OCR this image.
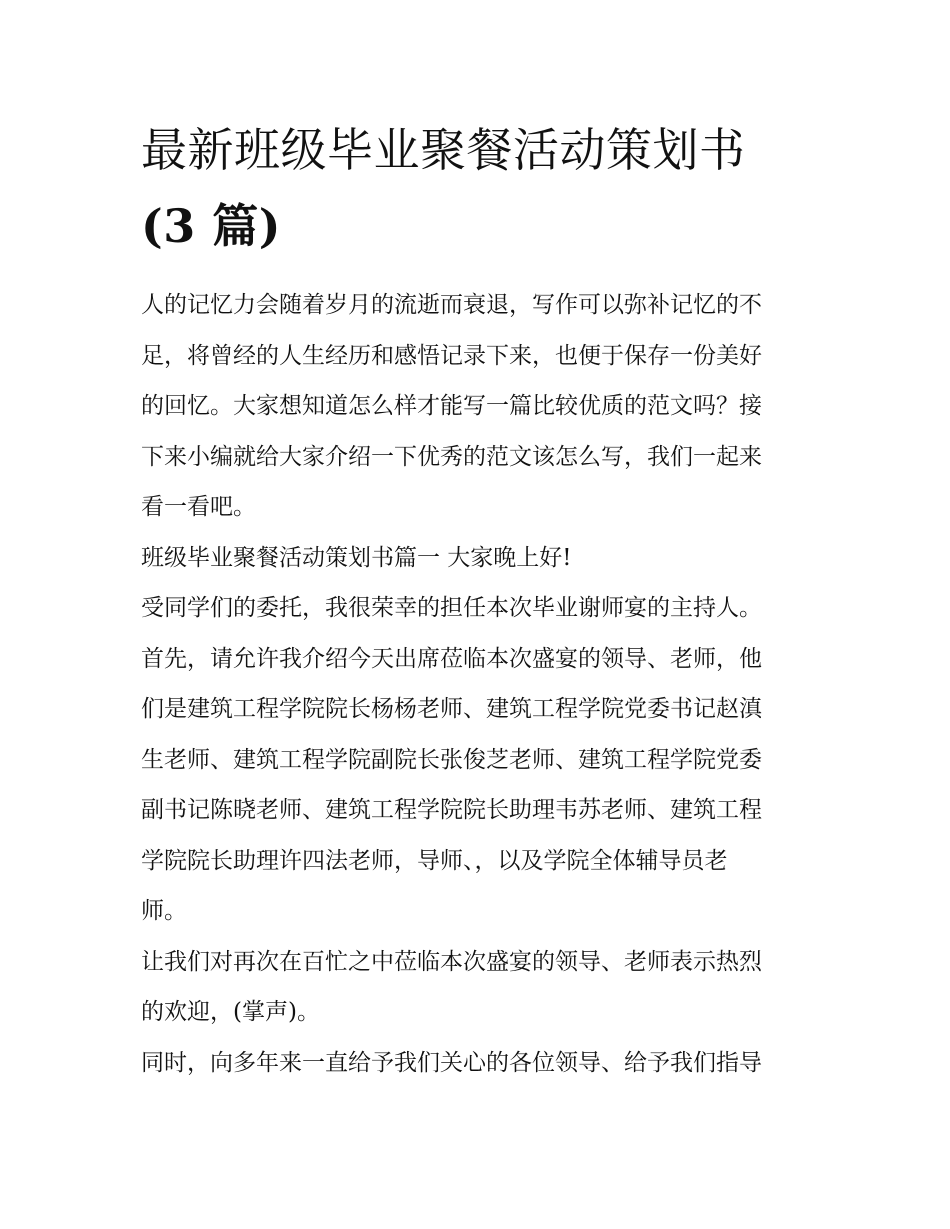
最新班级毕业聚餐活动策划书
(3 篇)

人的记忆力会随着岁月的流逝而衰退，写作可以弥补记忆的不
足，将曾经的人生经历和感悟记录下来，也便于保存一份美好
的回忆。大家想知道怎么样才能写一篇比较优质的范文吗？接
下来小编就给大家介绍一下优秀的范文该怎么写，我们一起来
看一看吧。

班级毕业聚餐活动策划书篇一 大家晚上好!

受同学们的委托，我很荣幸的担任本次毕业谢师宴的主持人。

首先，请允许我介绍今天出席莅临本次盛宴的领导、老师，他
们是建筑工程学院院长杨杨老师、建筑工程学院党委书记赵滇
生老师、建筑工程学院副院长张俊芝老师、建筑工程学院党委
副书记陈晓老师、建筑工程学院院长助理韦苏老师、建筑工程
学院院长助理许四法老师，导师、，以及学院全体辅导员老
师。

让我们对再次在百忙之中莅临本次盛宴的领导、老师表示热烈
的欢迎，(掌声)。

同时，向多年来一直给予我们关心的各位领导、给予我们指导
